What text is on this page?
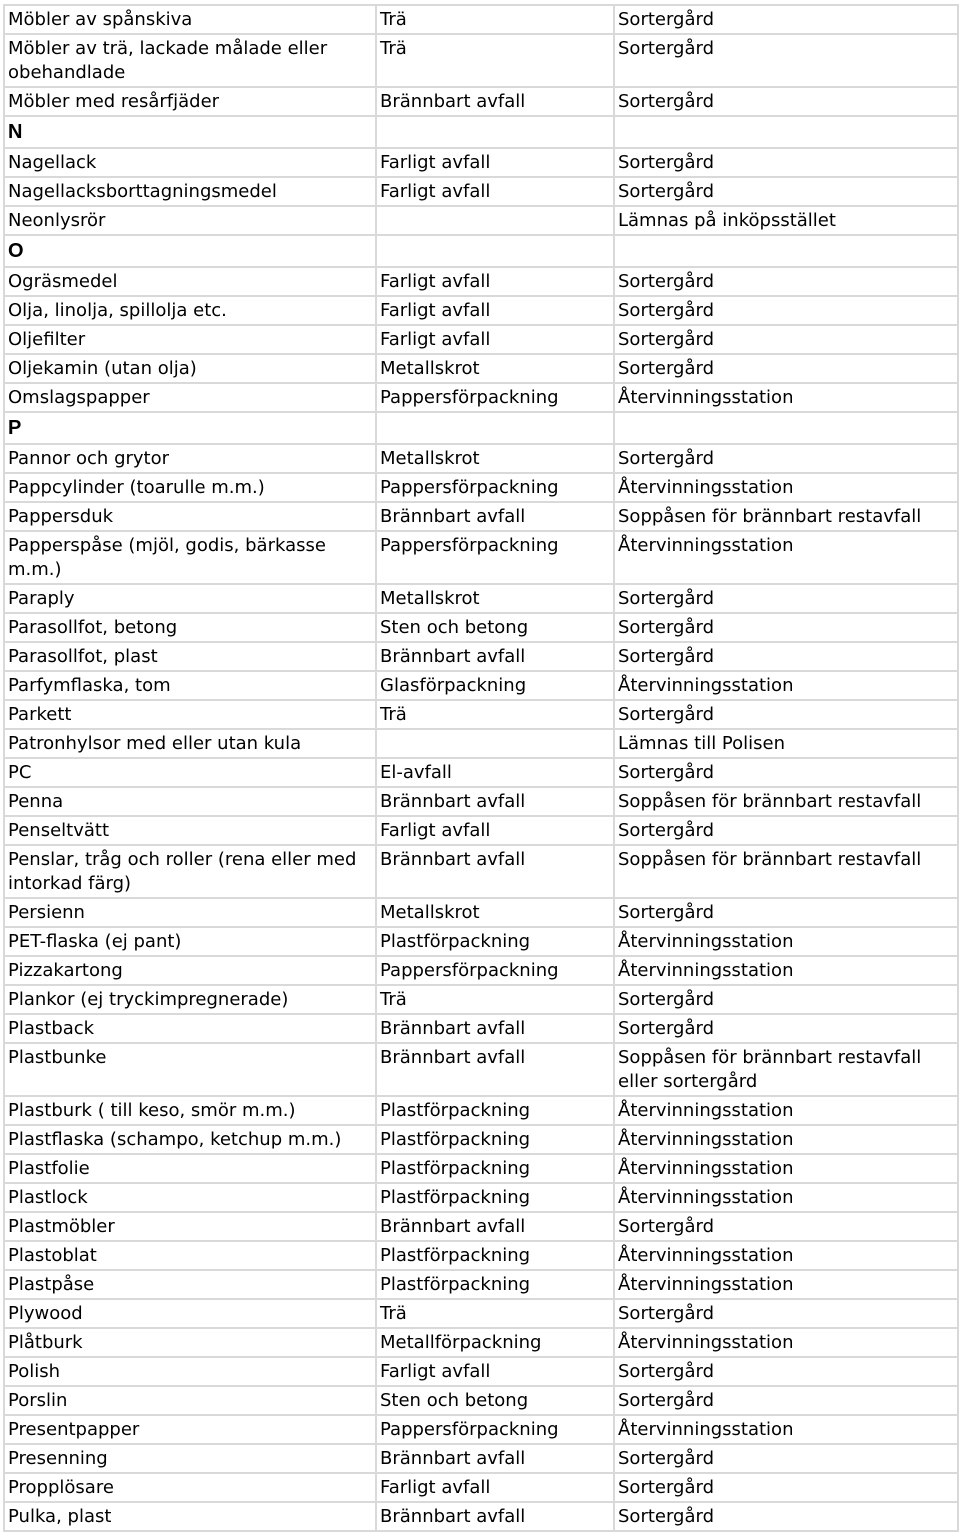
Möbler av spånskiva	Trä	Sortergård
Möbler av trä, lackade målade eller obehandlade	Trä	Sortergård
Möbler med resårfjäder	Brännbart avfall	Sortergård
N		
Nagellack	Farligt avfall	Sortergård
Nagellacksborttagningsmedel	Farligt avfall	Sortergård
Neonlysrör		Lämnas på inköpsstället
O		
Ogräsmedel	Farligt avfall	Sortergård
Olja, linolja, spillolja etc.	Farligt avfall	Sortergård
Oljefilter	Farligt avfall	Sortergård
Oljekamin (utan olja)	Metallskrot	Sortergård
Omslagspapper	Pappersförpackning	Återvinningsstation
P		
Pannor och grytor	Metallskrot	Sortergård
Pappcylinder (toarulle m.m.)	Pappersförpackning	Återvinningsstation
Pappersduk	Brännbart avfall	Soppåsen för brännbart restavfall
Papperspåse (mjöl, godis, bärkasse m.m.)	Pappersförpackning	Återvinningsstation
Paraply	Metallskrot	Sortergård
Parasollfot, betong	Sten och betong	Sortergård
Parasollfot, plast	Brännbart avfall	Sortergård
Parfymflaska, tom	Glasförpackning	Återvinningsstation
Parkett	Trä	Sortergård
Patronhylsor med eller utan kula		Lämnas till Polisen
PC	El-avfall	Sortergård
Penna	Brännbart avfall	Soppåsen för brännbart restavfall
Penseltvätt	Farligt avfall	Sortergård
Penslar, tråg och roller (rena eller med intorkad färg)	Brännbart avfall	Soppåsen för brännbart restavfall
Persienn	Metallskrot	Sortergård
PET-flaska (ej pant)	Plastförpackning	Återvinningsstation
Pizzakartong	Pappersförpackning	Återvinningsstation
Plankor (ej tryckimpregnerade)	Trä	Sortergård
Plastback	Brännbart avfall	Sortergård
Plastbunke	Brännbart avfall	Soppåsen för brännbart restavfall eller sortergård
Plastburk ( till keso, smör m.m.)	Plastförpackning	Återvinningsstation
Plastflaska (schampo, ketchup m.m.)	Plastförpackning	Återvinningsstation
Plastfolie	Plastförpackning	Återvinningsstation
Plastlock	Plastförpackning	Återvinningsstation
Plastmöbler	Brännbart avfall	Sortergård
Plastoblat	Plastförpackning	Återvinningsstation
Plastpåse	Plastförpackning	Återvinningsstation
Plywood	Trä	Sortergård
Plåtburk	Metallförpackning	Återvinningsstation
Polish	Farligt avfall	Sortergård
Porslin	Sten och betong	Sortergård
Presentpapper	Pappersförpackning	Återvinningsstation
Presenning	Brännbart avfall	Sortergård
Propplösare	Farligt avfall	Sortergård
Pulka, plast	Brännbart avfall	Sortergård
